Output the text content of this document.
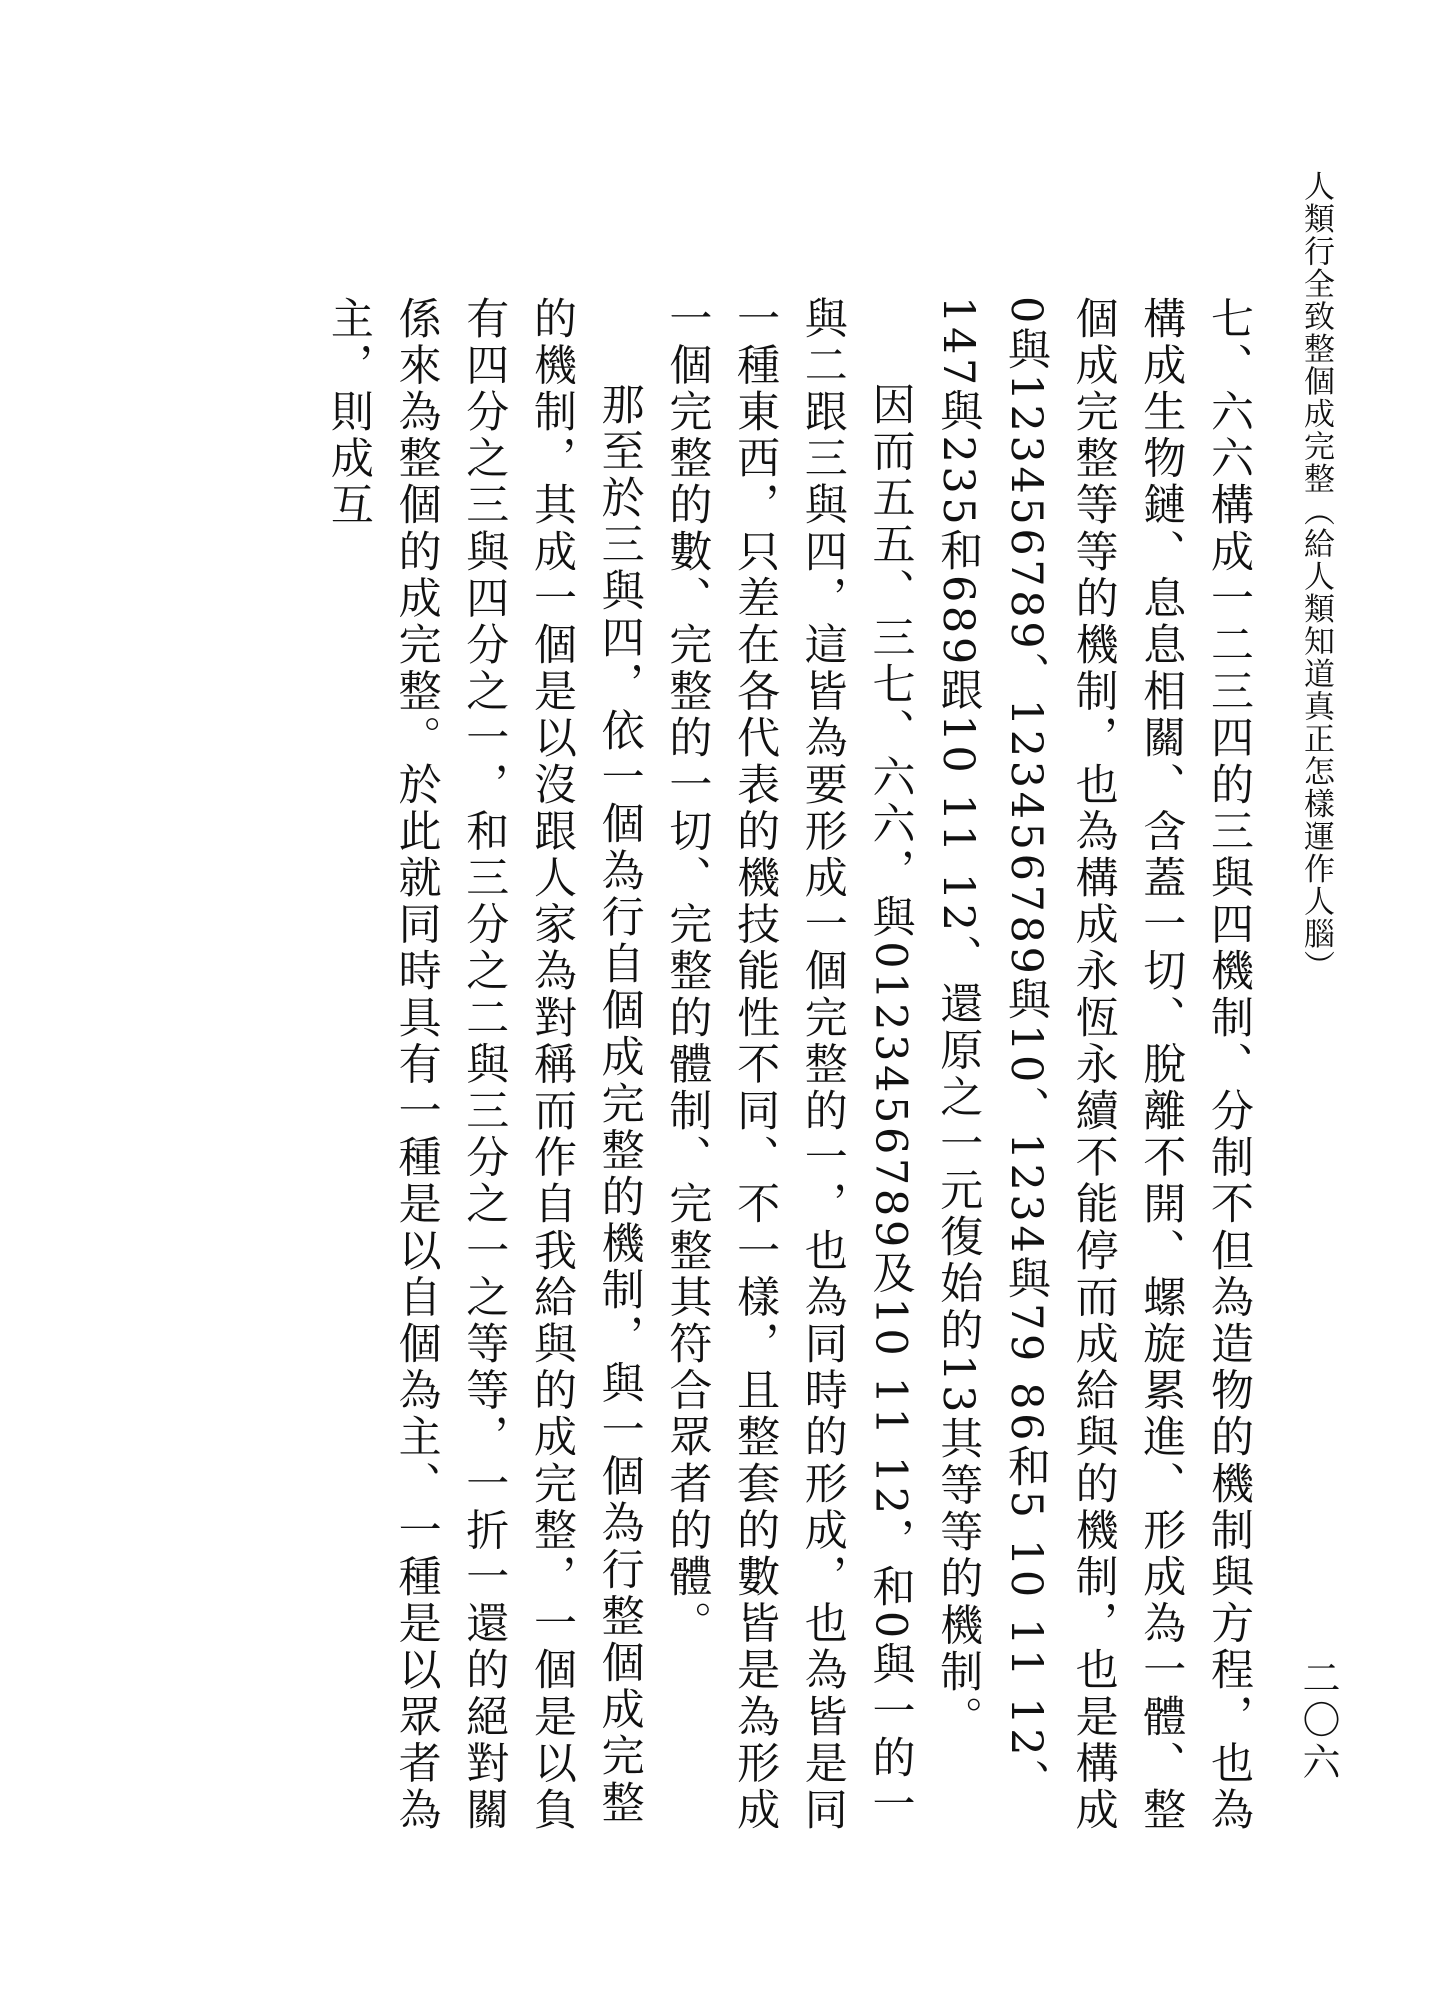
人類行全致整個成完整（給人類知道真正怎樣運作人腦）
二〇六

七、六六構成一二三四的三與四機制、分制不但為造物的機制與方程，也為構成生物鏈、息息相關、含蓋一切、脫離不開、螺旋累進、形成為一體、整個成完整等等的機制，也為構成永恆永續不能停而成給與的機制，也是構成0與123456789、123456789與10、1234與79 86和5 10 11 12、147與235和689跟10 11 12、還原之一元復始的13其等等的機制。

因而五五、三七、六六，與0123456789及10 11 12，和0與一的一與二跟三與四，這皆為要形成一個完整的一，也為同時的形成，也為皆是同一種東西，只差在各代表的機技能性不同、不一樣，且整套的數皆是為形成一個完整的數、完整的一切、完整的體制、完整其符合眾者的體。

那至於三與四，依一個為行自個成完整的機制，與一個為行整個成完整的機制，其成一個是以沒跟人家為對稱而作自我給與的成完整，一個是以負有四分之三與四分之一，和三分之二與三分之一之等等，一折一還的絕對關係來為整個的成完整。於此就同時具有一種是以自個為主、一種是以眾者為主，則成互
